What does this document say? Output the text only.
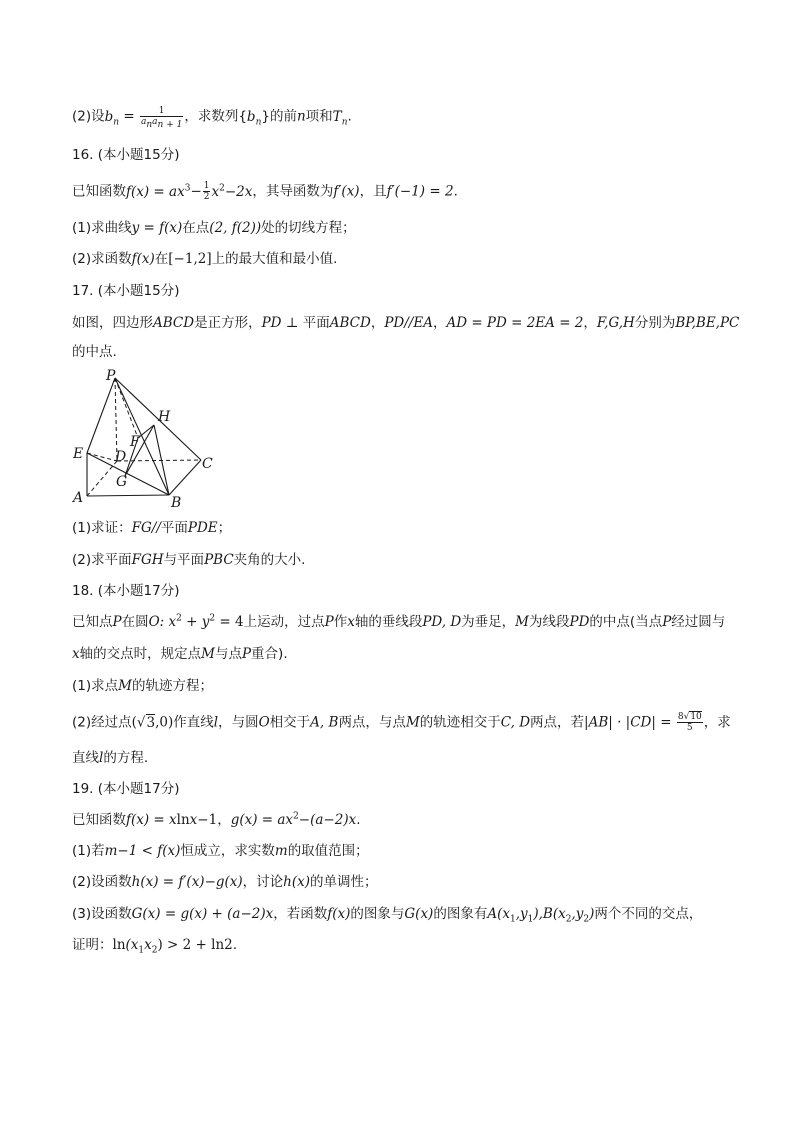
(2)设$b_n = \frac{1}{a_na_{n + 1}}$ ，求数列$\{b_n\}$的前n项和$T_n$.
16. (本小题15分)
已知函数$f(x) = ax^3- \frac{1}{2} x^2-2x$，其导函数为f′(x)，且f′(−1) = 2.
(1)求曲线y = f(x)在点(2, f(2))处的切线方程；
(2)求函数f(x)在[−1,2]上的最大值和最小值.
17. (本小题15分)
如图，四边形ABCD是正方形，PD ⊥ 平面ABCD，PD//EA，AD = PD = 2EA = 2，F,G,H分别为BP,BE,PC
的中点.
P
H
F
E D	C
G
A	B
(1)求证：FG//平面PDE；
(2)求平面FGH与平面PBC夹角的大小.
18. (本小题17分)
已知点P在圆O: $x^2 + y^2 = 4$上运动，过点P作x轴的垂线段PD, D为垂足，M为线段PD的中点(当点P经过圆与
x轴的交点时，规定点M与点P重合).
(1)求点M的轨迹方程；
(2)经过点(√3,0)作直线l，与圆O相交于A, B两点，与点M的轨迹相交于C, D两点，若$|AB| \cdot |CD| = \frac{8√10}{5}$ ，求
直线l的方程.
19. (本小题17分)
已知函数f(x) = xlnx−1，$g(x) = ax^2-(a-2)x$.
(1)若m−1 < f(x)恒成立，求实数m的取值范围；
(2)设函数h(x) = f′(x)−g(x)，讨论h(x)的单调性；
(3)设函数G(x) = g(x) + (a−2)x，若函数f(x)的图象与G(x)的图象有$A(x_1,y_1),B(x_2,y_2)$两个不同的交点，
证明：$\ln(x_1x_2) > 2 + \ln 2$.
